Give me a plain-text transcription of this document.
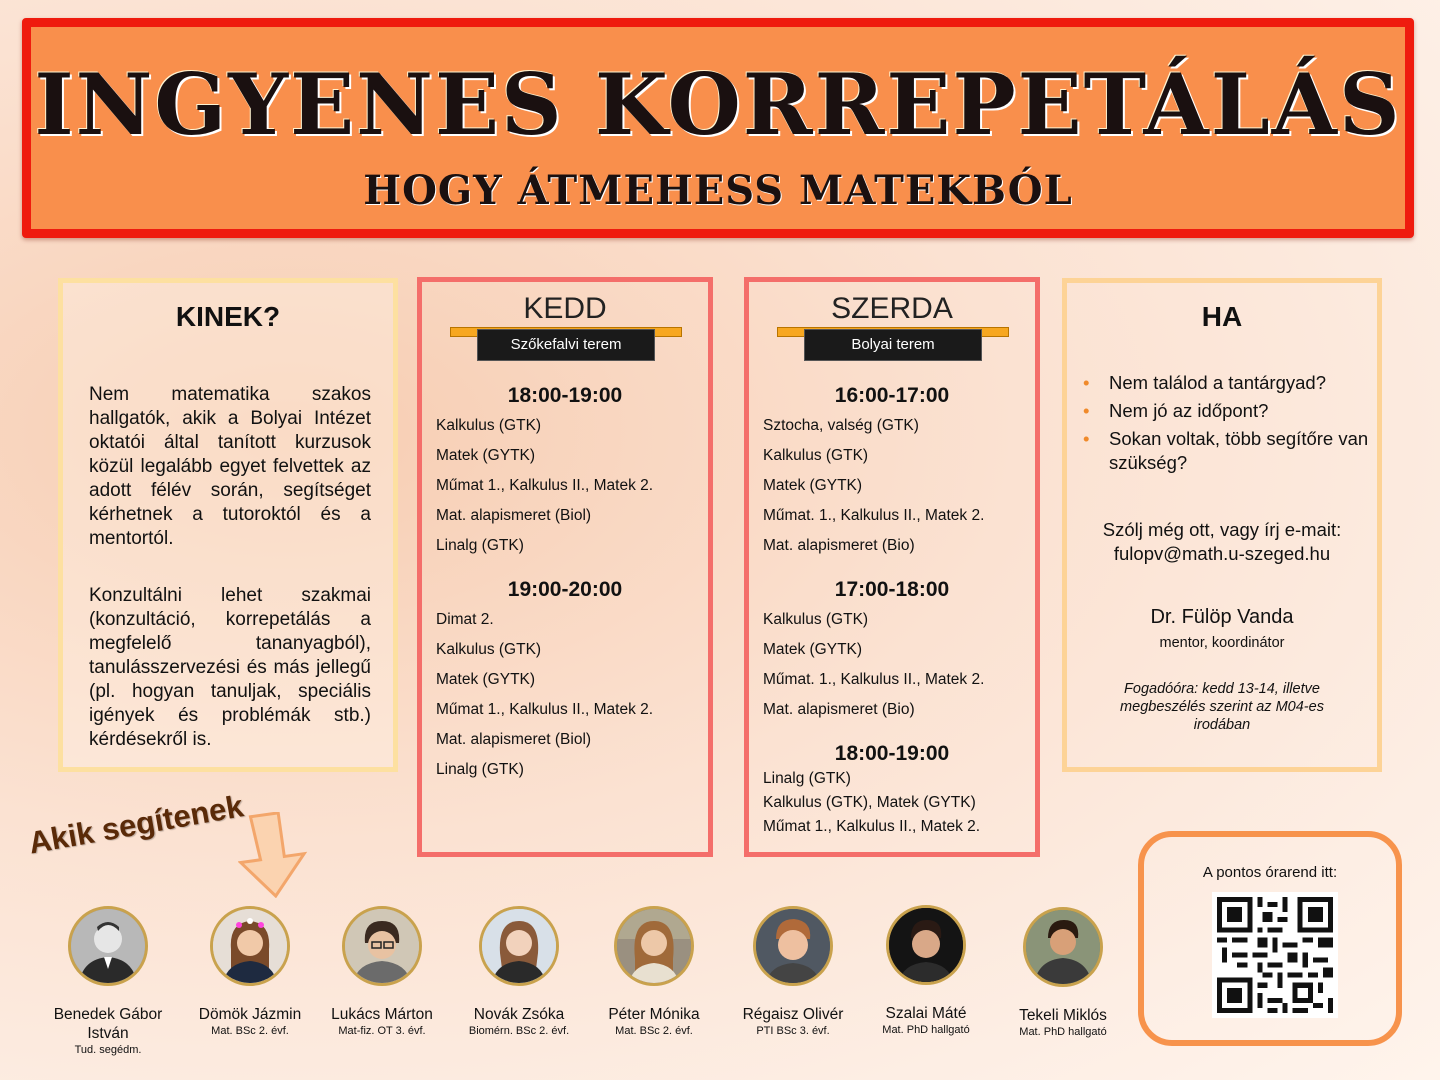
INGYENES KORREPETÁLÁS
HOGY ÁTMEHESS MATEKBÓL
KINEK?
Nem matematika szakos hallgatók, akik a Bolyai Intézet oktatói által tanított kurzusok közül legalább egyet felvettek az adott félév során, segítséget kérhetnek a tutoroktól és a mentortól.
Konzultálni lehet szakmai (konzultáció, korrepetálás a megfelelő tananyagból), tanulásszervezési és más jellegű (pl. hogyan tanuljak, speciális igények és problémák stb.) kérdésekről is.
KEDD
Szőkefalvi terem
18:00-19:00
Kalkulus (GTK)
Matek (GYTK)
Műmat 1., Kalkulus II., Matek 2.
Mat. alapismeret (Biol)
Linalg (GTK)
19:00-20:00
Dimat 2.
Kalkulus (GTK)
Matek (GYTK)
Műmat 1., Kalkulus II., Matek 2.
Mat. alapismeret (Biol)
Linalg (GTK)
SZERDA
Bolyai terem
16:00-17:00
Sztocha, valség (GTK)
Kalkulus (GTK)
Matek (GYTK)
Műmat. 1., Kalkulus II., Matek 2.
Mat. alapismeret (Bio)
17:00-18:00
Kalkulus (GTK)
Matek (GYTK)
Műmat. 1., Kalkulus II., Matek 2.
Mat. alapismeret (Bio)
18:00-19:00
Linalg (GTK)
Kalkulus (GTK), Matek (GYTK)
Műmat 1., Kalkulus II., Matek 2.
HA
• Nem találod a tantárgyad?
• Nem jó az időpont?
• Sokan voltak, több segítőre van szükség?
Szólj még ott, vagy írj e-mait:
fulopv@math.u-szeged.hu
Dr. Fülöp Vanda
mentor, koordinátor
Fogadóóra: kedd 13-14, illetve megbeszélés szerint az M04-es irodában
Akik segítenek
Benedek Gábor István
Tud. segédm.
Dömök Jázmin
Mat. BSc 2. évf.
Lukács Márton
Mat-fiz. OT 3. évf.
Novák Zsóka
Biomérn. BSc 2. évf.
Péter Mónika
Mat. BSc 2. évf.
Régaisz Olivér
PTI BSc 3. évf.
Szalai Máté
Mat. PhD hallgató
Tekeli Miklós
Mat. PhD hallgató
A pontos órarend itt:
